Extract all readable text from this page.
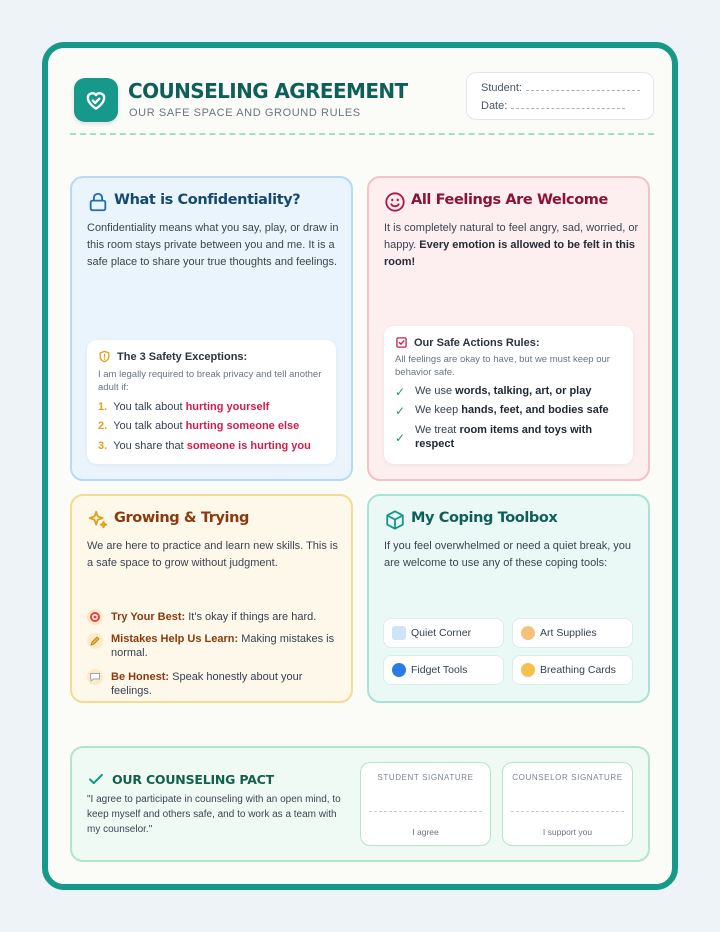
COUNSELING AGREEMENT
OUR SAFE SPACE AND GROUND RULES
Student:
Date:
What is Confidentiality?
Confidentiality means what you say, play, or draw in this room stays private between you and me. It is a safe place to share your true thoughts and feelings.
The 3 Safety Exceptions:
I am legally required to break privacy and tell another adult if:
1. You talk about hurting yourself
2. You talk about hurting someone else
3. You share that someone is hurting you
All Feelings Are Welcome
It is completely natural to feel angry, sad, worried, or happy. Every emotion is allowed to be felt in this room!
Our Safe Actions Rules:
All feelings are okay to have, but we must keep our behavior safe.
✓ We use words, talking, art, or play
✓ We keep hands, feet, and bodies safe
✓
We treat room items and toys with respect
Growing & Trying
We are here to practice and learn new skills. This is a safe space to grow without judgment.
Try Your Best: It's okay if things are hard.
Mistakes Help Us Learn: Making mistakes is normal.
Be Honest: Speak honestly about your feelings.
My Coping Toolbox
If you feel overwhelmed or need a quiet break, you are welcome to use any of these coping tools:
Quiet Corner	Art Supplies
Fidget Tools	Breathing Cards
OUR COUNSELING PACT
"I agree to participate in counseling with an open mind, to keep myself and others safe, and to work as a team with my counselor."
STUDENT SIGNATURE
I agree
COUNSELOR SIGNATURE
I support you
